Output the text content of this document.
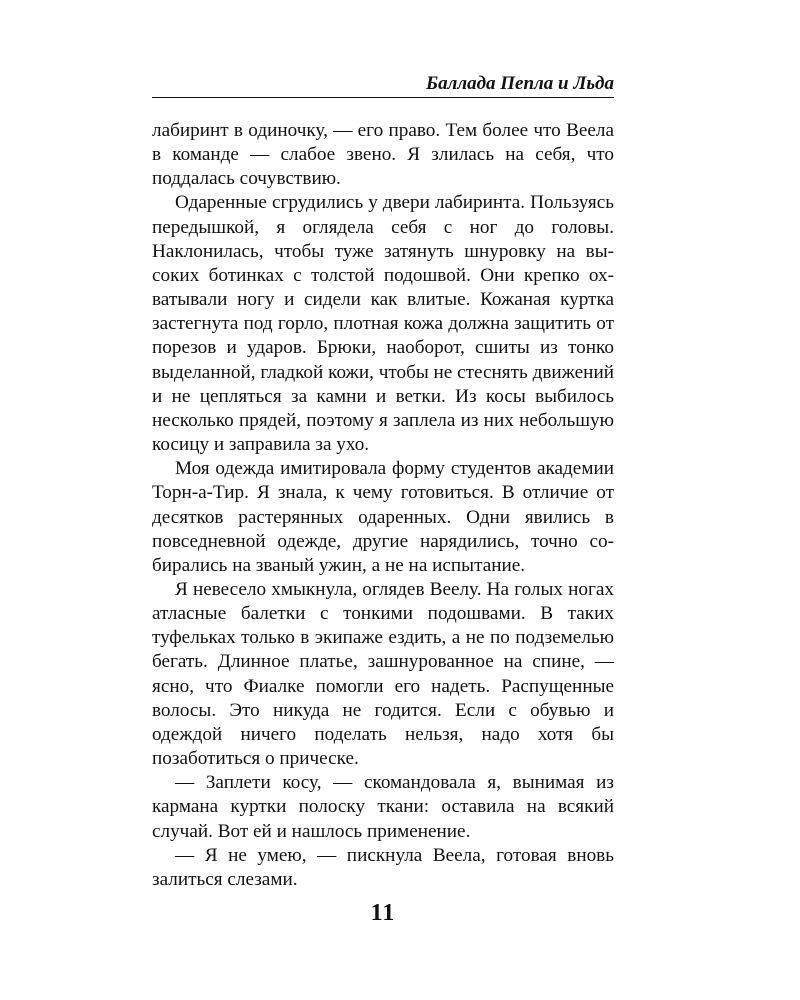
Баллада Пепла и Льда

лабиринт в одиночку, — его право. Тем более что Веела в команде — слабое звено. Я злилась на себя, что поддалась сочувствию.

Одаренные сгрудились у двери лабиринта. Пользуясь передышкой, я оглядела себя с ног до головы. Наклонилась, чтобы туже затянуть шнуровку на высоких ботинках с толстой подошвой. Они крепко охватывали ногу и сидели как влитые. Кожаная куртка застегнута под горло, плотная кожа должна защитить от порезов и ударов. Брюки, наоборот, сшиты из тонко выделанной, гладкой кожи, чтобы не стеснять движений и не цепляться за камни и ветки. Из косы выбилось несколько прядей, поэтому я заплела из них небольшую косицу и заправила за ухо.

Моя одежда имитировала форму студентов академии Торн-а-Тир. Я знала, к чему готовиться. В отличие от десятков растерянных одаренных. Одни явились в повседневной одежде, другие нарядились, точно собирались на званый ужин, а не на испытание.

Я невесело хмыкнула, оглядев Веелу. На голых ногах атласные балетки с тонкими подошвами. В таких туфельках только в экипаже ездить, а не по подземелью бегать. Длинное платье, зашнурованное на спине, — ясно, что Фиалке помогли его надеть. Распущенные волосы. Это никуда не годится. Если с обувью и одеждой ничего поделать нельзя, надо хотя бы позаботиться о прическе.

— Заплети косу, — скомандовала я, вынимая из кармана куртки полоску ткани: оставила на всякий случай. Вот ей и нашлось применение.

— Я не умею, — пискнула Веела, готовая вновь залиться слезами.

11
